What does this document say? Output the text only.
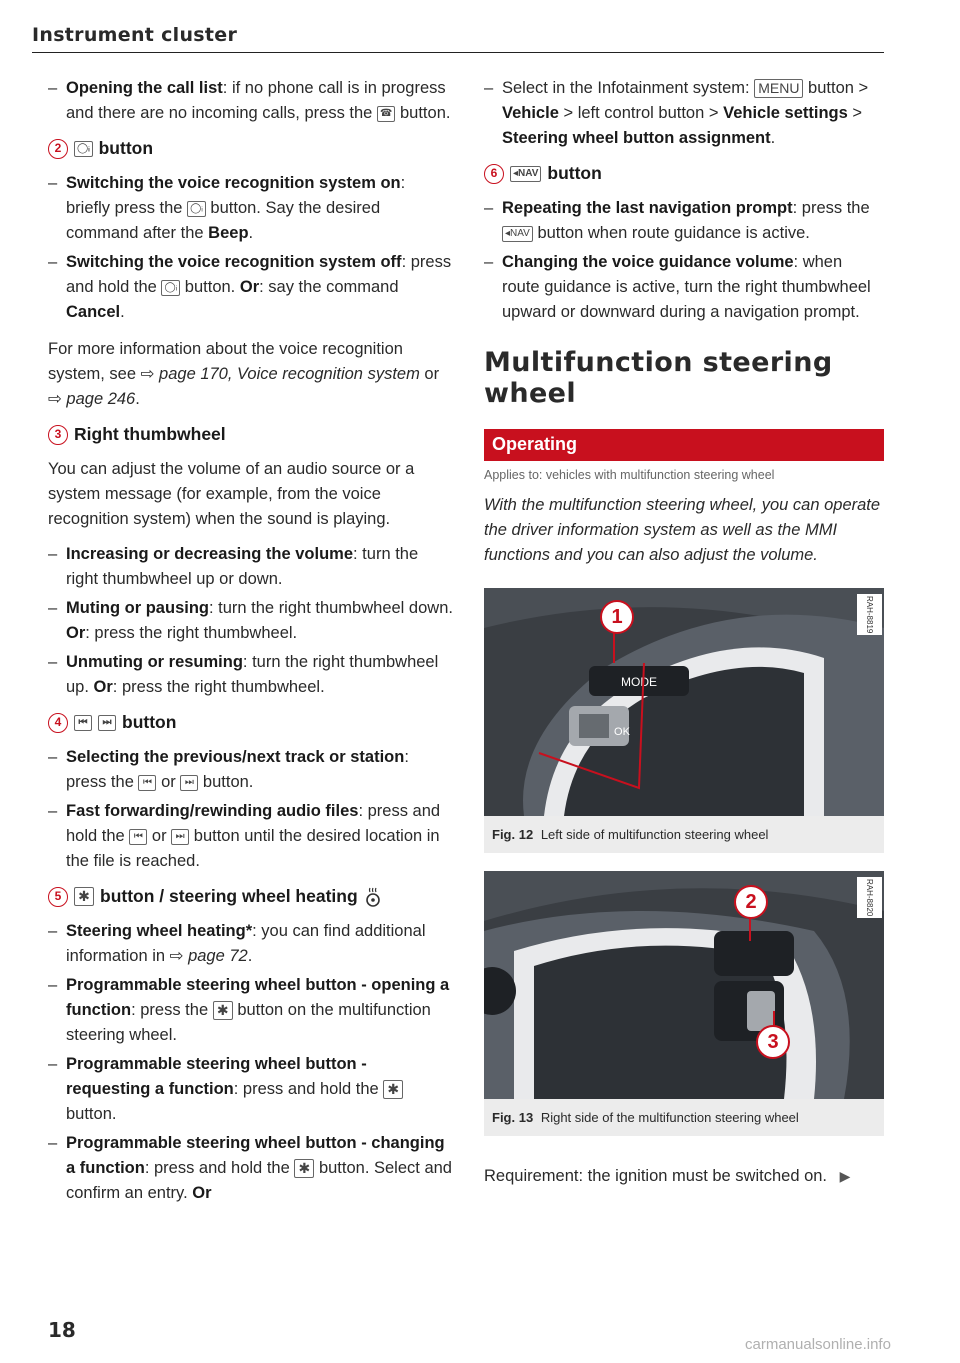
Instrument cluster
– Opening the call list: if no phone call is in progress and there are no incoming calls, press the ☎ button.
2	◯ᵢ button
– Switching the voice recognition system on: briefly press the ◯ᵢ button. Say the desired command after the Beep.
– Switching the voice recognition system off: press and hold the ◯ᵢ button. Or: say the command Cancel.

For more information about the voice recognition system, see ⇨ page 170, Voice recognition system or ⇨ page 246.

3 Right thumbwheel

You can adjust the volume of an audio source or a system message (for example, from the voice recognition system) when the sound is playing.

– Increasing or decreasing the volume: turn the right thumbwheel up or down.
– Muting or pausing: turn the right thumbwheel down. Or: press the right thumbwheel.
– Unmuting or resuming: turn the right thumbwheel up. Or: press the right thumbwheel.
4	⏮	⏭ button
– Selecting the previous/next track or station: press the ⏮ or ⏭ button.
– Fast forwarding/rewinding audio files: press and hold the ⏮ or ⏭ button until the desired location in the file is reached.
5	✱ button / steering wheel heating
– Steering wheel heating*: you can find additional information in ⇨ page 72.
– Programmable steering wheel button - opening a function: press the ✱ button on the multifunction steering wheel.
– Programmable steering wheel button - requesting a function: press and hold the ✱ button.
– Programmable steering wheel button - changing a function: press and hold the ✱ button. Select and confirm an entry. Or
– Select in the Infotainment system: MENU button > Vehicle > left control button > Vehicle settings > Steering wheel button assignment.
6	◂NAV button
– Repeating the last navigation prompt: press the ◂NAV button when route guidance is active.
– Changing the voice guidance volume: when route guidance is active, turn the right thumbwheel upward or downward during a navigation prompt.
Multifunction steering wheel
Operating
Applies to: vehicles with multifunction steering wheel
With the multifunction steering wheel, you can operate the driver information system as well as the MMI functions and you can also adjust the volume.
MODE
OK
1	RAH-8819
Fig. 12 Left side of multifunction steering wheel
2
3
RAH-8820
Fig. 13 Right side of the multifunction steering wheel

Requirement: the ignition must be switched on. ▶

18
carmanualsonline.info
